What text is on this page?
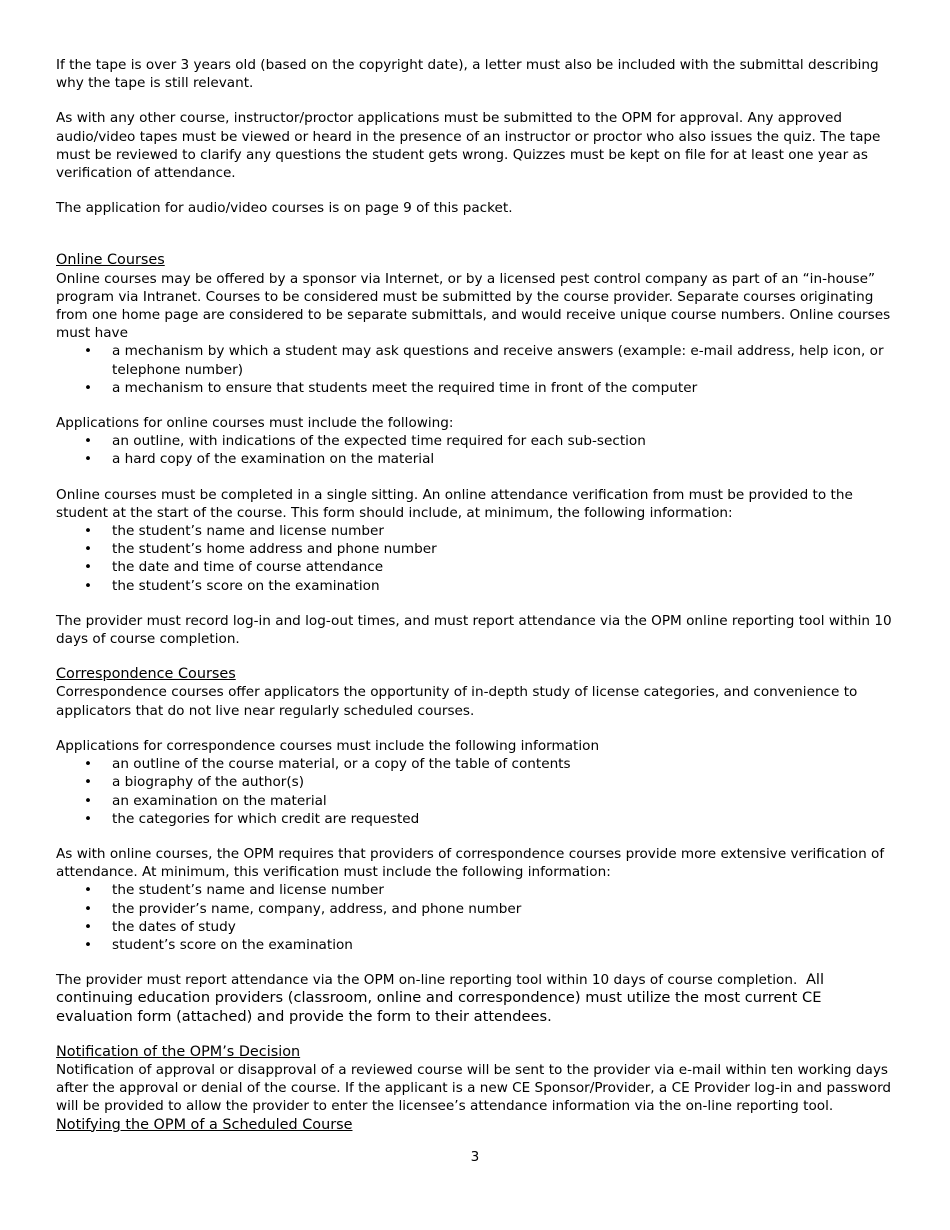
If the tape is over 3 years old (based on the copyright date), a letter must also be included with the submittal describing why the tape is still relevant.

As with any other course, instructor/proctor applications must be submitted to the OPM for approval. Any approved audio/video tapes must be viewed or heard in the presence of an instructor or proctor who also issues the quiz. The tape must be reviewed to clarify any questions the student gets wrong. Quizzes must be kept on file for at least one year as verification of attendance.

The application for audio/video courses is on page 9 of this packet.

Online Courses

Online courses may be offered by a sponsor via Internet, or by a licensed pest control company as part of an “in-house” program via Intranet. Courses to be considered must be submitted by the course provider. Separate courses originating from one home page are considered to be separate submittals, and would receive unique course numbers. Online courses must have

• a mechanism by which a student may ask questions and receive answers (example: e-mail address, help icon, or telephone number)
• a mechanism to ensure that students meet the required time in front of the computer

Applications for online courses must include the following:

• an outline, with indications of the expected time required for each sub-section
• a hard copy of the examination on the material

Online courses must be completed in a single sitting. An online attendance verification from must be provided to the student at the start of the course. This form should include, at minimum, the following information:

• the student’s name and license number
• the student’s home address and phone number
• the date and time of course attendance
• the student’s score on the examination

The provider must record log-in and log-out times, and must report attendance via the OPM online reporting tool within 10 days of course completion.

Correspondence Courses

Correspondence courses offer applicators the opportunity of in-depth study of license categories, and convenience to applicators that do not live near regularly scheduled courses.

Applications for correspondence courses must include the following information

• an outline of the course material, or a copy of the table of contents
• a biography of the author(s)
• an examination on the material
• the categories for which credit are requested

As with online courses, the OPM requires that providers of correspondence courses provide more extensive verification of attendance. At minimum, this verification must include the following information:

• the student’s name and license number
• the provider’s name, company, address, and phone number
• the dates of study
• student’s score on the examination

The provider must report attendance via the OPM on-line reporting tool within 10 days of course completion. All continuing education providers (classroom, online and correspondence) must utilize the most current CE evaluation form (attached) and provide the form to their attendees.

Notification of the OPM’s Decision

Notification of approval or disapproval of a reviewed course will be sent to the provider via e-mail within ten working days after the approval or denial of the course. If the applicant is a new CE Sponsor/Provider, a CE Provider log-in and password will be provided to allow the provider to enter the licensee’s attendance information via the on-line reporting tool.

Notifying the OPM of a Scheduled Course

3
